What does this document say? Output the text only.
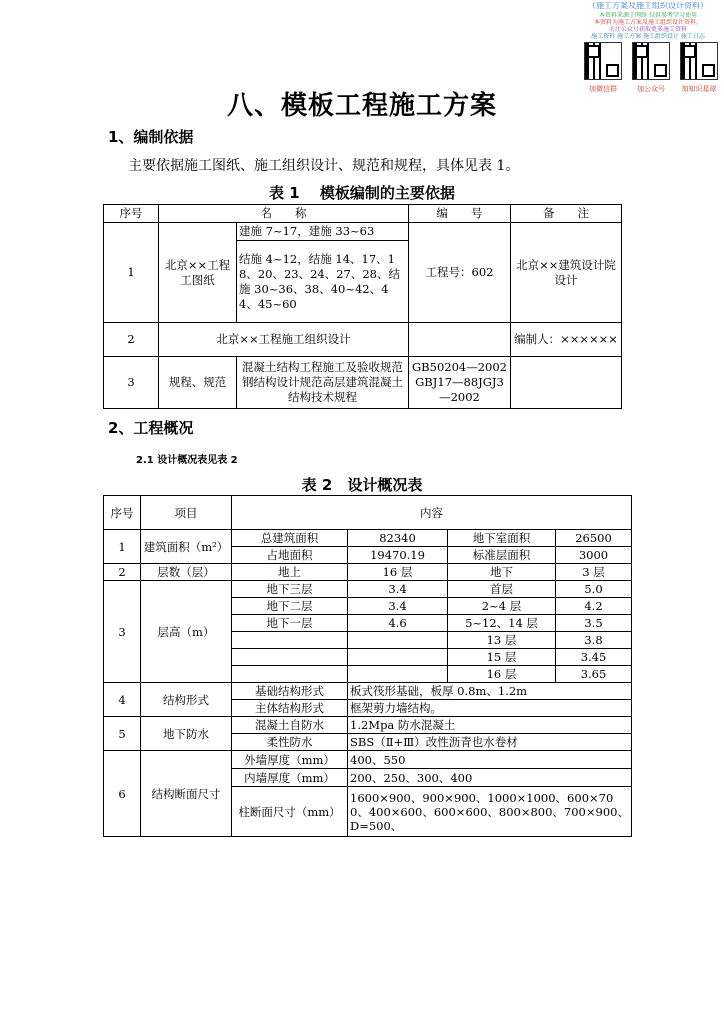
（施工方案及施工组织设计资料）
本资料来源于网络 仅供参考学习使用
本资料为施工方案及施工组织设计资料，
关注公众号获取更多施工资料
施工资料 施工方案 施工组织设计 施工日志
加微信群	加公众号	加知识星球
八、模板工程施工方案
1、编制依据
主要依据施工图纸、施工组织设计、规范和规程，具体见表 1。
表 1　 模板编制的主要依据
序号	名　　称		编　　号	备　　注
1	北京××工程工图纸	建施 7~17，建施 33~63	工程号：602	北京××建筑设计院设计
		结施 4~12，结施 14、17、18、20、23、24、27、28、结施 30~36、38、40~42、44、45~60		
2	北京××工程施工组织设计			编制人：××××××
3	规程、规范	混凝土结构工程施工及验收规范钢结构设计规范高层建筑混凝土结构技术规程	GB50204—2002GBJ17—88JGJ3—2002	
2、工程概况
2.1 设计概况表见表 2
表 2　设计概况表
序号	项目	内容			
1	建筑面积（m²）	总建筑面积	82340	地下室面积	26500
		占地面积	19470.19	标准层面积	3000
2	层数（层）	地上	16 层	地下	3 层
3	层高（m）	地下三层	3.4	首层	5.0
		地下二层	3.4	2~4 层	4.2
		地下一层	4.6	5~12、14 层	3.5
				13 层	3.8
				15 层	3.45
				16 层	3.65
4	结构形式	基础结构形式	板式筏形基础，板厚 0.8m、1.2m		
		主体结构形式	框架剪力墙结构。		
5	地下防水	混凝土自防水	1.2Mpa 防水混凝土		
		柔性防水	SBS（Ⅱ+Ⅲ）改性沥青也水卷材		
6	结构断面尺寸	外墙厚度（mm）	400、550		
		内墙厚度（mm）	200、250、300、400		
		柱断面尺寸（mm）	1600×900、900×900、1000×1000、600×700、400×600、600×600、800×800、700×900、D=500、		
